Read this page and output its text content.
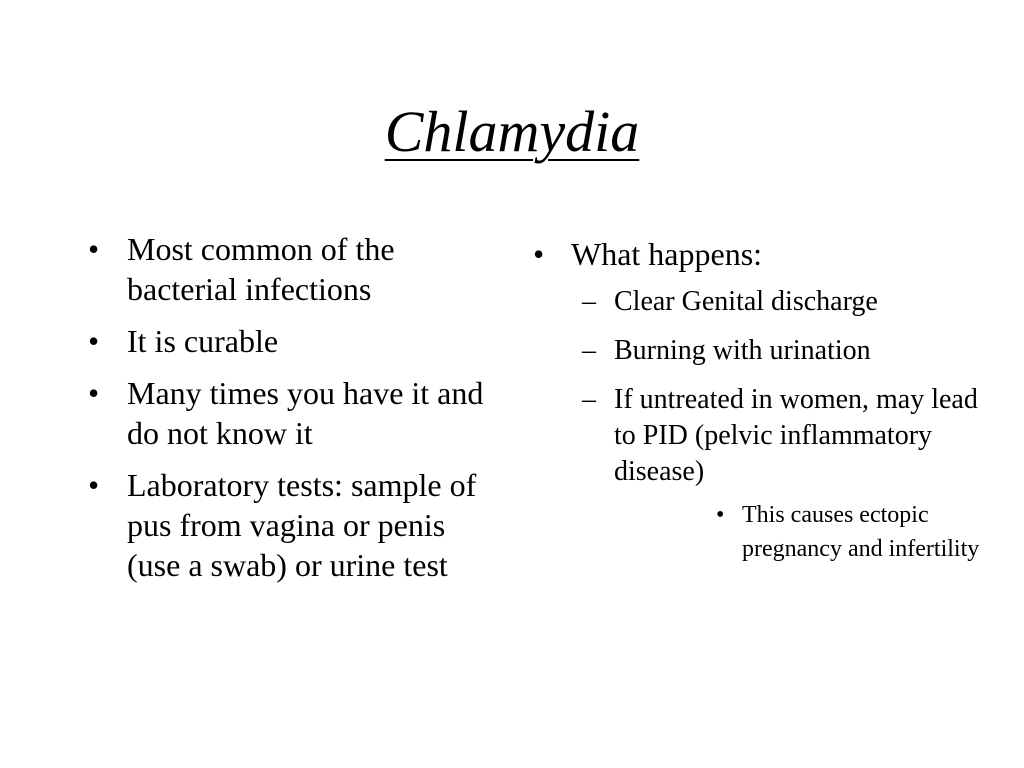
Chlamydia
• Most common of the bacterial infections
• It is curable
• Many times you have it and do not know it
• Laboratory tests: sample of pus from vagina or penis (use a swab) or urine test
• What happens:
– Clear Genital discharge
– Burning with urination
– If untreated in women, may lead to PID (pelvic inflammatory disease)
• This causes ectopic pregnancy and infertility
